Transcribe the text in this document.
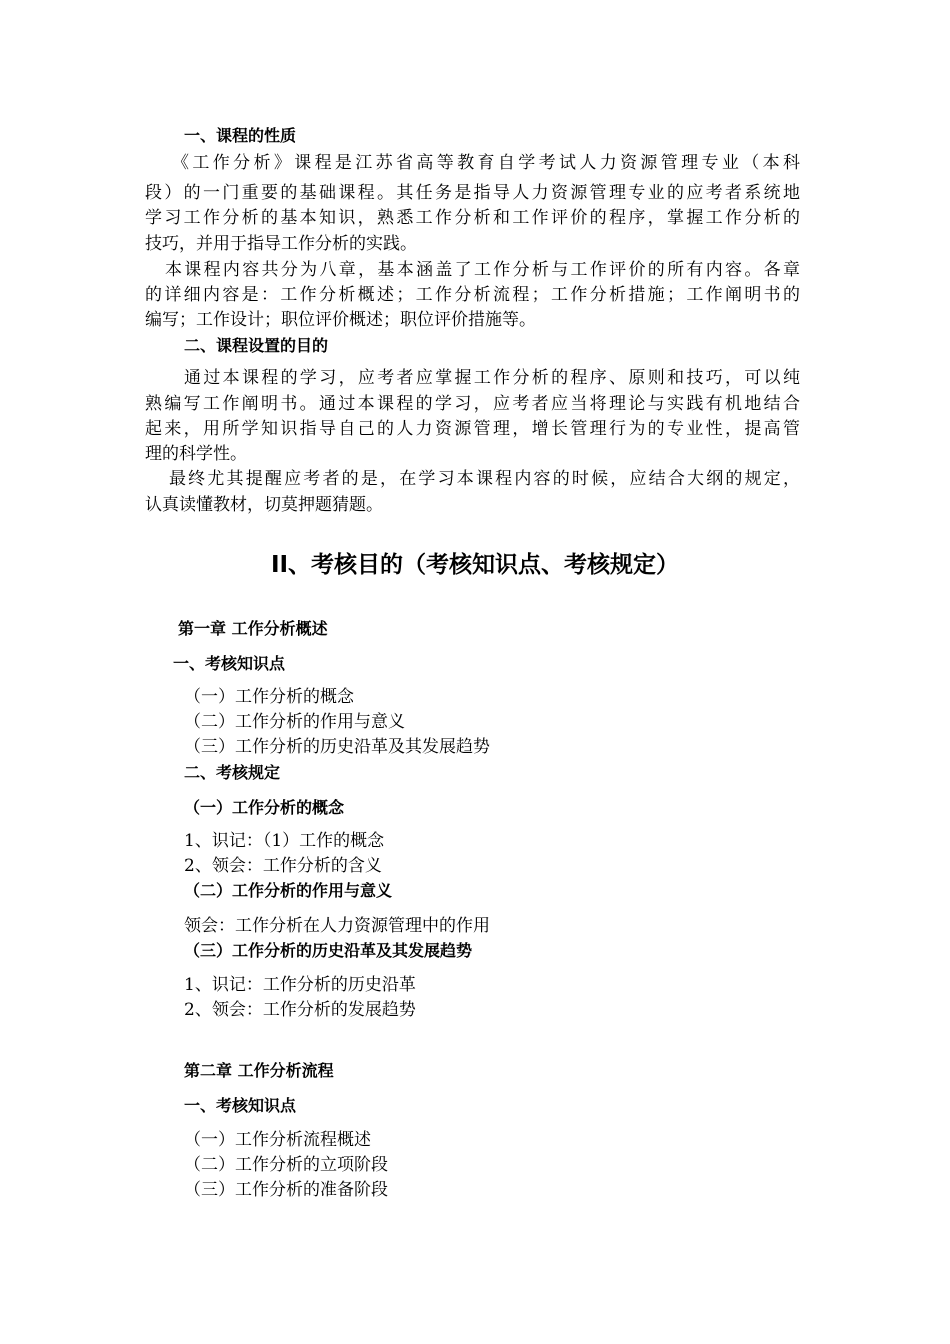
一、课程的性质
《工作分析》课程是江苏省高等教育自学考试人力资源管理专业（本科
段）的一门重要的基础课程。其任务是指导人力资源管理专业的应考者系统地
学习工作分析的基本知识，熟悉工作分析和工作评价的程序，掌握工作分析的
技巧，并用于指导工作分析的实践。
本课程内容共分为八章，基本涵盖了工作分析与工作评价的所有内容。各章
的详细内容是：工作分析概述；工作分析流程；工作分析措施；工作阐明书的
编写；工作设计；职位评价概述；职位评价措施等。
二、课程设置的目的
通过本课程的学习，应考者应掌握工作分析的程序、原则和技巧，可以纯
熟编写工作阐明书。通过本课程的学习，应考者应当将理论与实践有机地结合
起来，用所学知识指导自己的人力资源管理，增长管理行为的专业性，提高管
理的科学性。
最终尤其提醒应考者的是，在学习本课程内容的时候，应结合大纲的规定，
认真读懂教材，切莫押题猜题。
II、考核目的（考核知识点、考核规定）
第一章 工作分析概述
一、考核知识点
（一）工作分析的概念
（二）工作分析的作用与意义
（三）工作分析的历史沿革及其发展趋势
二、考核规定
（一）工作分析的概念
1、识记：（1）工作的概念
2、领会：工作分析的含义
（二）工作分析的作用与意义
领会：工作分析在人力资源管理中的作用
（三）工作分析的历史沿革及其发展趋势
1、识记：工作分析的历史沿革
2、领会：工作分析的发展趋势
第二章 工作分析流程
一、考核知识点
（一）工作分析流程概述
（二）工作分析的立项阶段
（三）工作分析的准备阶段
